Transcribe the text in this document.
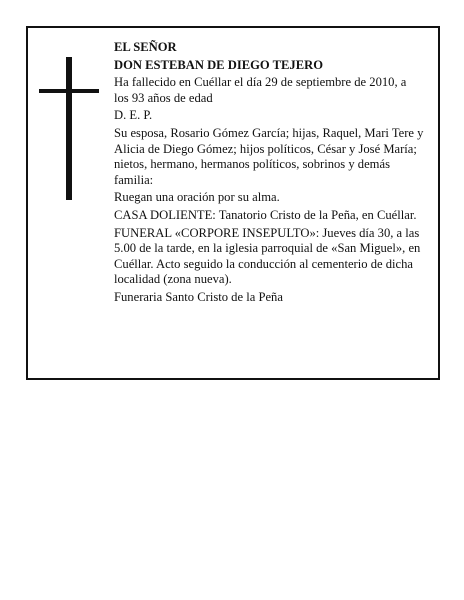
EL SEÑOR

DON ESTEBAN DE DIEGO TEJERO

Ha fallecido en Cuéllar el día 29 de septiembre de 2010, a los 93 años de edad

D. E. P.

Su esposa, Rosario Gómez García; hijas, Raquel, Mari Tere y Alicia de Diego Gómez; hijos políticos, César y José María; nietos, hermano, hermanos políticos, sobrinos y demás familia:

Ruegan una oración por su alma.

CASA DOLIENTE: Tanatorio Cristo de la Peña, en Cuéllar.

FUNERAL «CORPORE INSEPULTO»: Jueves día 30, a las 5.00 de la tarde, en la iglesia parroquial de «San Miguel», en Cuéllar. Acto seguido la conducción al cementerio de dicha localidad (zona nueva).

Funeraria Santo Cristo de la Peña
